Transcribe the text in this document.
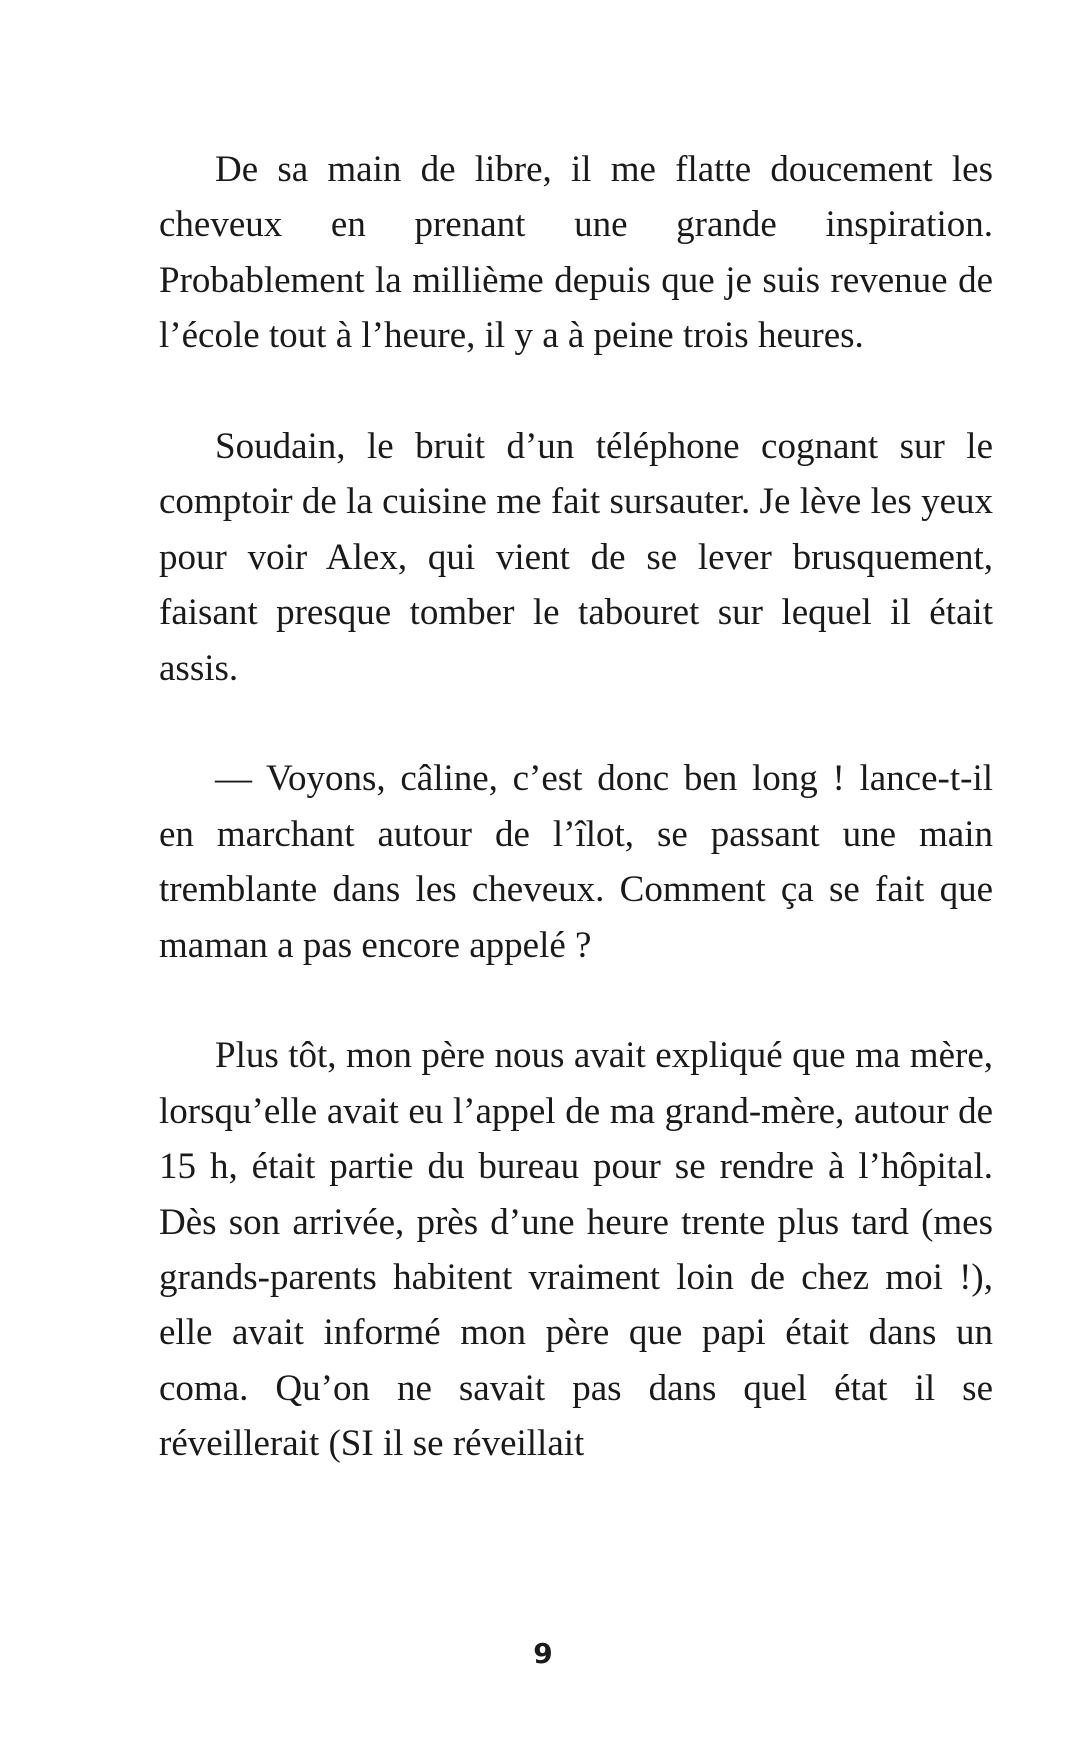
De sa main de libre, il me flatte doucement les cheveux en prenant une grande inspiration. Probablement la millième depuis que je suis revenue de l’école tout à l’heure, il y a à peine trois heures.

Soudain, le bruit d’un téléphone cognant sur le comptoir de la cuisine me fait sursauter. Je lève les yeux pour voir Alex, qui vient de se lever brusquement, faisant presque tomber le tabouret sur lequel il était assis.

— Voyons, câline, c’est donc ben long ! lance-t-il en marchant autour de l’îlot, se passant une main tremblante dans les cheveux. Comment ça se fait que maman a pas encore appelé ?

Plus tôt, mon père nous avait expliqué que ma mère, lorsqu’elle avait eu l’appel de ma grand-mère, autour de 15 h, était partie du bureau pour se rendre à l’hôpital. Dès son arrivée, près d’une heure trente plus tard (mes grands-parents habitent vraiment loin de chez moi !), elle avait informé mon père que papi était dans un coma. Qu’on ne savait pas dans quel état il se réveillerait (SI il se réveillait

9
